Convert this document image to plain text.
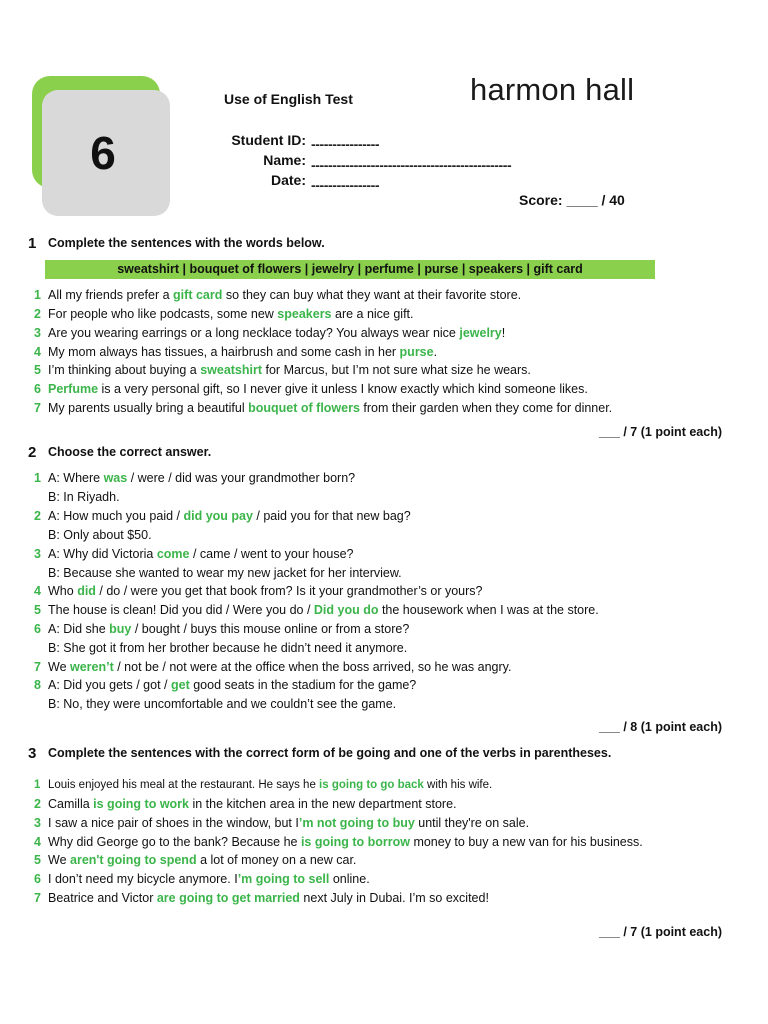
6
Use of English Test	harmon hall
Student ID: ----------------
Name: -----------------------------------------------
Date: ----------------
Score: ____ / 40
1 Complete the sentences with the words below.
sweatshirt | bouquet of flowers | jewelry | perfume | purse | speakers | gift card
1 All my friends prefer a gift card so they can buy what they want at their favorite store.
2 For people who like podcasts, some new speakers are a nice gift.
3 Are you wearing earrings or a long necklace today? You always wear nice jewelry!
4 My mom always has tissues, a hairbrush and some cash in her purse.
5 I’m thinking about buying a sweatshirt for Marcus, but I’m not sure what size he wears.
6 Perfume is a very personal gift, so I never give it unless I know exactly which kind someone likes.
7 My parents usually bring a beautiful bouquet of flowers from their garden when they come for dinner.
___ / 7 (1 point each)
2 Choose the correct answer.
1 A: Where was / were / did was your grandmother born?
B: In Riyadh.
2 A: How much you paid / did you pay / paid you for that new bag?
B: Only about $50.
3 A: Why did Victoria come / came / went to your house?
B: Because she wanted to wear my new jacket for her interview.
4 Who did / do / were you get that book from? Is it your grandmother’s or yours?
5 The house is clean! Did you did / Were you do / Did you do the housework when I was at the store.
6 A: Did she buy / bought / buys this mouse online or from a store?
B: She got it from her brother because he didn’t need it anymore.
7 We weren’t / not be / not were at the office when the boss arrived, so he was angry.
8 A: Did you gets / got / get good seats in the stadium for the game?
B: No, they were uncomfortable and we couldn’t see the game.
___ / 8 (1 point each)
3 Complete the sentences with the correct form of be going and one of the verbs in parentheses.
1 Louis enjoyed his meal at the restaurant. He says he is going to go back with his wife.
2 Camilla is going to work in the kitchen area in the new department store.
3 I saw a nice pair of shoes in the window, but I’m not going to buy until they're on sale.
4 Why did George go to the bank? Because he is going to borrow money to buy a new van for his business.
5 We aren't going to spend a lot of money on a new car.
6 I don’t need my bicycle anymore. I’m going to sell online.
7 Beatrice and Victor are going to get married next July in Dubai. I’m so excited!
___ / 7 (1 point each)
